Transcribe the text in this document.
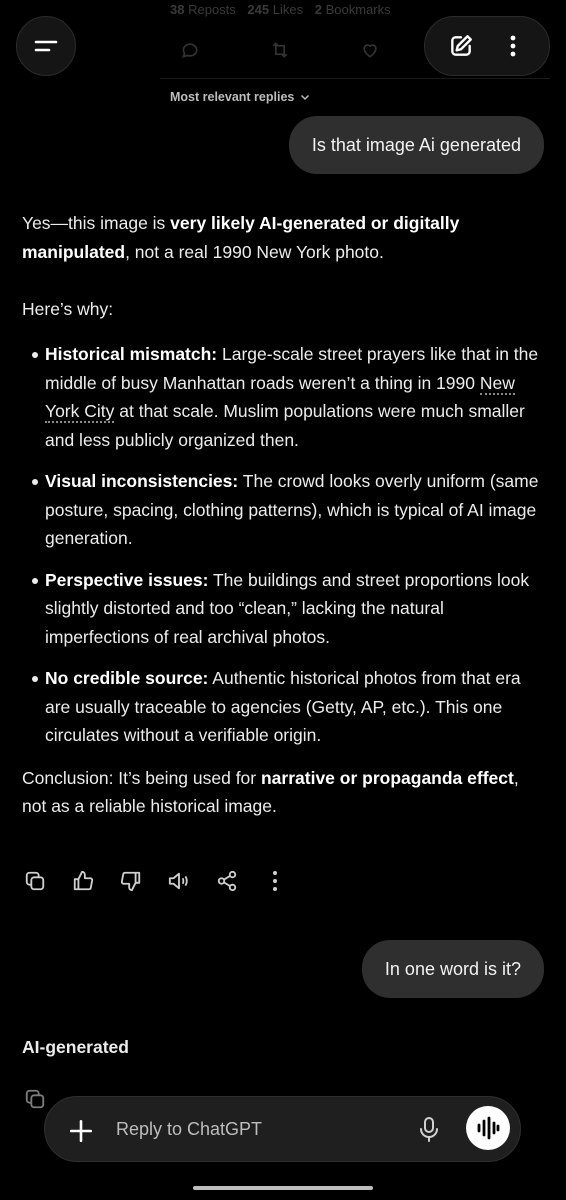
38 Reposts 245 Likes 2 Bookmarks
Most relevant replies
Is that image Ai generated

Yes—this image is very likely AI-generated or digitally manipulated, not a real 1990 New York photo.

Here’s why:

Historical mismatch: Large-scale street prayers like that in the middle of busy Manhattan roads weren’t a thing in 1990 New York City at that scale. Muslim populations were much smaller and less publicly organized then.
Visual inconsistencies: The crowd looks overly uniform (same posture, spacing, clothing patterns), which is typical of AI image generation.
Perspective issues: The buildings and street proportions look slightly distorted and too “clean,” lacking the natural imperfections of real archival photos.
No credible source: Authentic historical photos from that era are usually traceable to agencies (Getty, AP, etc.). This one circulates without a verifiable origin.

Conclusion: It’s being used for narrative or propaganda effect, not as a reliable historical image.

In one word is it?
AI-generated
Reply to ChatGPT
